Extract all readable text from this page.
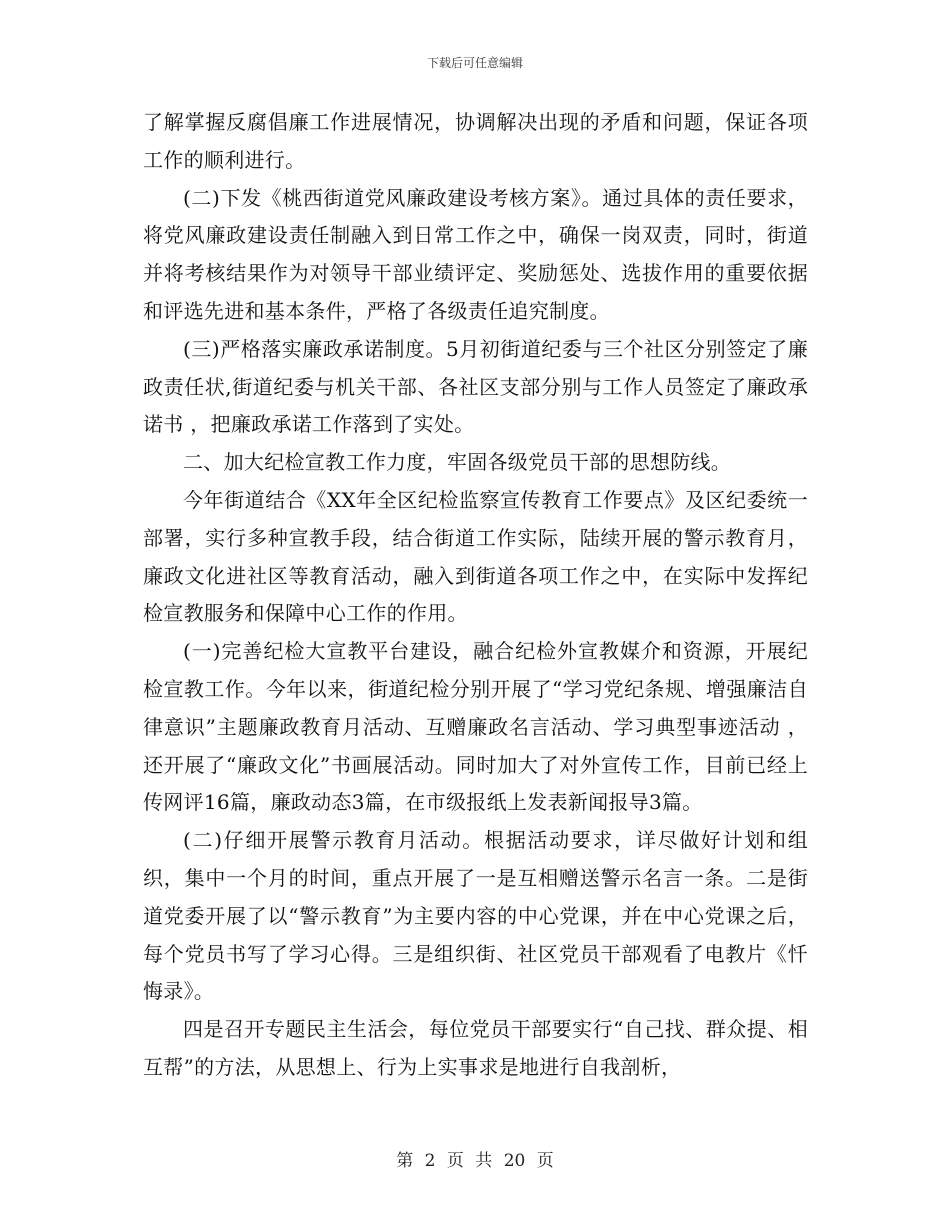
下载后可任意编辑

了解掌握反腐倡廉工作进展情况，协调解决出现的矛盾和问题，保证各项工作的顺利进行。

(二)下发《桃西街道党风廉政建设考核方案》。通过具体的责任要求，将党风廉政建设责任制融入到日常工作之中，确保一岗双责，同时，街道并将考核结果作为对领导干部业绩评定、奖励惩处、选拔作用的重要依据和评选先进和基本条件，严格了各级责任追究制度。

(三)严格落实廉政承诺制度。5月初街道纪委与三个社区分别签定了廉政责任状,街道纪委与机关干部、各社区支部分别与工作人员签定了廉政承诺书 ，把廉政承诺工作落到了实处。

二、加大纪检宣教工作力度，牢固各级党员干部的思想防线。

今年街道结合《XX年全区纪检监察宣传教育工作要点》及区纪委统一部署，实行多种宣教手段，结合街道工作实际，陆续开展的警示教育月，廉政文化进社区等教育活动，融入到街道各项工作之中，在实际中发挥纪检宣教服务和保障中心工作的作用。

(一)完善纪检大宣教平台建设，融合纪检外宣教媒介和资源，开展纪检宣教工作。今年以来，街道纪检分别开展了“学习党纪条规、增强廉洁自律意识”主题廉政教育月活动、互赠廉政名言活动、学习典型事迹活动 ，还开展了“廉政文化”书画展活动。同时加大了对外宣传工作，目前已经上传网评16篇，廉政动态3篇，在市级报纸上发表新闻报导3篇。

(二)仔细开展警示教育月活动。根据活动要求，详尽做好计划和组织，集中一个月的时间，重点开展了一是互相赠送警示名言一条。二是街道党委开展了以“警示教育”为主要内容的中心党课，并在中心党课之后，每个党员书写了学习心得。三是组织街、社区党员干部观看了电教片《忏悔录》。

四是召开专题民主生活会，每位党员干部要实行“自己找、群众提、相互帮”的方法，从思想上、行为上实事求是地进行自我剖析，

第 2 页 共 20 页
